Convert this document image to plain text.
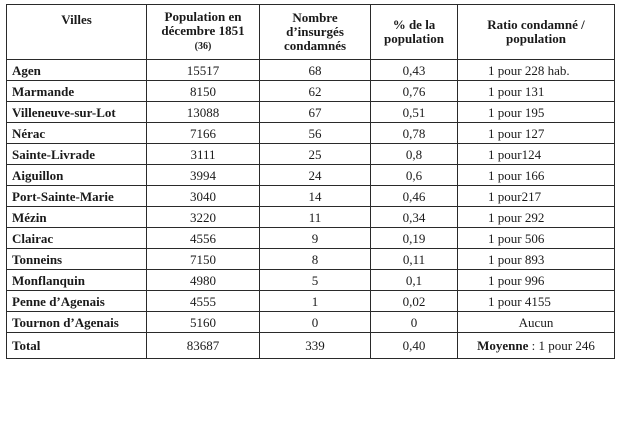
Villes	Population en décembre 1851 (36)	Nombre d’insurgés condamnés	% de la population	Ratio condamné / population
Agen	15517	68	0,43	1 pour 228 hab.
Marmande	8150	62	0,76	1 pour 131
Villeneuve-sur-Lot	13088	67	0,51	1 pour 195
Nérac	7166	56	0,78	1 pour 127
Sainte-Livrade	3111	25	0,8	1 pour124
Aiguillon	3994	24	0,6	1 pour 166
Port-Sainte-Marie	3040	14	0,46	1 pour217
Mézin	3220	11	0,34	1 pour 292
Clairac	4556	9	0,19	1 pour 506
Tonneins	7150	8	0,11	1 pour 893
Monflanquin	4980	5	0,1	1 pour 996
Penne d’Agenais	4555	1	0,02	1 pour 4155
Tournon d’Agenais	5160	0	0	Aucun
Total	83687	339	0,40	Moyenne : 1 pour 246
